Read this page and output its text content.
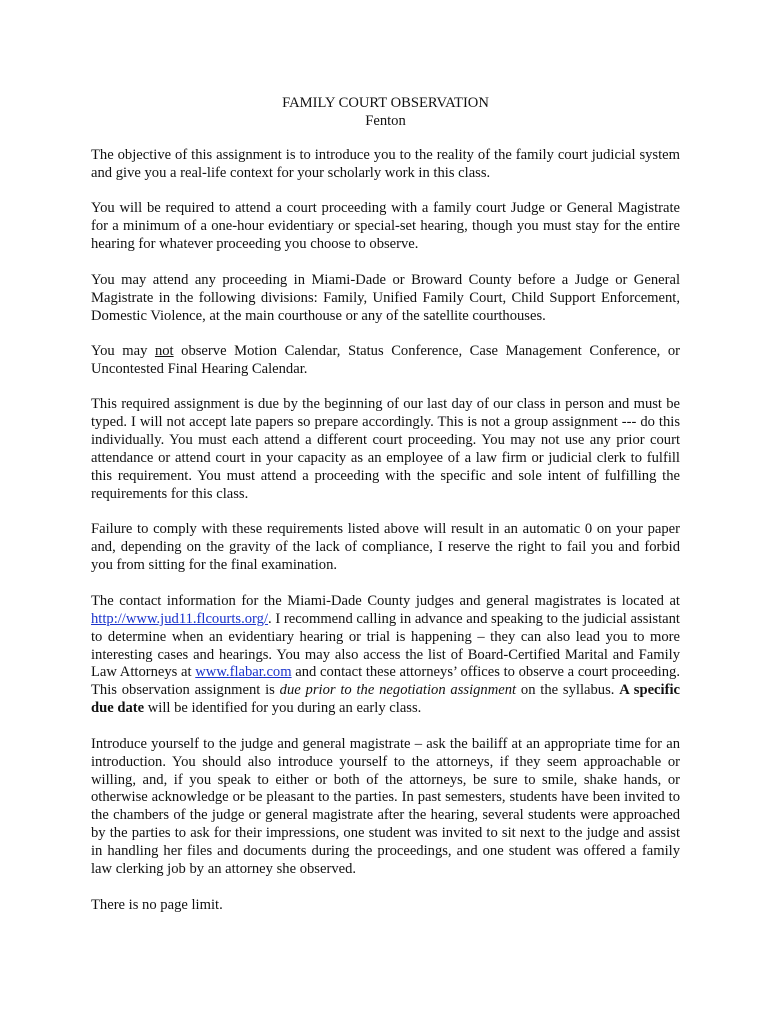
FAMILY COURT OBSERVATION
Fenton

The objective of this assignment is to introduce you to the reality of the family court judicial system and give you a real-life context for your scholarly work in this class.

You will be required to attend a court proceeding with a family court Judge or General Magistrate for a minimum of a one-hour evidentiary or special-set hearing, though you must stay for the entire hearing for whatever proceeding you choose to observe.

You may attend any proceeding in Miami-Dade or Broward County before a Judge or General Magistrate in the following divisions: Family, Unified Family Court, Child Support Enforcement, Domestic Violence, at the main courthouse or any of the satellite courthouses.

You may not observe Motion Calendar, Status Conference, Case Management Conference, or Uncontested Final Hearing Calendar.

This required assignment is due by the beginning of our last day of our class in person and must be typed. I will not accept late papers so prepare accordingly. This is not a group assignment --- do this individually. You must each attend a different court proceeding. You may not use any prior court attendance or attend court in your capacity as an employee of a law firm or judicial clerk to fulfill this requirement. You must attend a proceeding with the specific and sole intent of fulfilling the requirements for this class.

Failure to comply with these requirements listed above will result in an automatic 0 on your paper and, depending on the gravity of the lack of compliance, I reserve the right to fail you and forbid you from sitting for the final examination.

The contact information for the Miami-Dade County judges and general magistrates is located at http://www.jud11.flcourts.org/. I recommend calling in advance and speaking to the judicial assistant to determine when an evidentiary hearing or trial is happening – they can also lead you to more interesting cases and hearings. You may also access the list of Board-Certified Marital and Family Law Attorneys at www.flabar.com and contact these attorneys’ offices to observe a court proceeding. This observation assignment is due prior to the negotiation assignment on the syllabus. A specific due date will be identified for you during an early class.

Introduce yourself to the judge and general magistrate – ask the bailiff at an appropriate time for an introduction. You should also introduce yourself to the attorneys, if they seem approachable or willing, and, if you speak to either or both of the attorneys, be sure to smile, shake hands, or otherwise acknowledge or be pleasant to the parties. In past semesters, students have been invited to the chambers of the judge or general magistrate after the hearing, several students were approached by the parties to ask for their impressions, one student was invited to sit next to the judge and assist in handling her files and documents during the proceedings, and one student was offered a family law clerking job by an attorney she observed.

There is no page limit.
